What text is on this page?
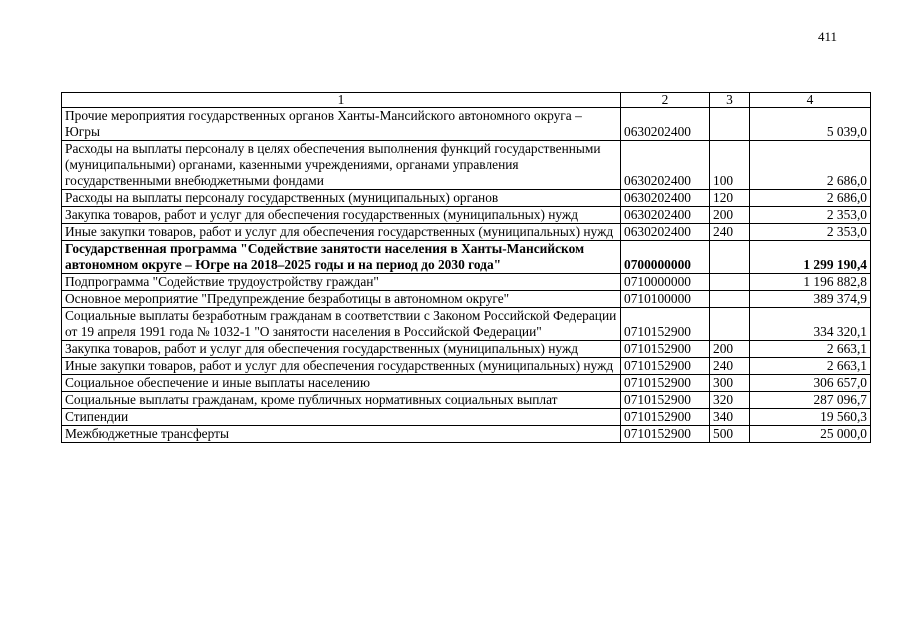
411
1	2	3	4
Прочие мероприятия государственных органов Ханты-Мансийского автономного округа – Югры	0630202400		5 039,0
Расходы на выплаты персоналу в целях обеспечения выполнения функций государственными (муниципальными) органами, казенными учреждениями, органами управления государственными внебюджетными фондами	0630202400	100	2 686,0
Расходы на выплаты персоналу государственных (муниципальных) органов	0630202400	120	2 686,0
Закупка товаров, работ и услуг для обеспечения государственных (муниципальных) нужд	0630202400	200	2 353,0
Иные закупки товаров, работ и услуг для обеспечения государственных (муниципальных) нужд	0630202400	240	2 353,0
Государственная программа "Содействие занятости населения в Ханты-Мансийском автономном округе – Югре на 2018–2025 годы и на период до 2030 года"	0700000000		1 299 190,4
Подпрограмма "Содействие трудоустройству граждан"	0710000000		1 196 882,8
Основное мероприятие "Предупреждение безработицы в автономном округе"	0710100000		389 374,9
Социальные выплаты безработным гражданам в соответствии с Законом Российской Федерации от 19 апреля 1991 года № 1032-1 "О занятости населения в Российской Федерации"	0710152900		334 320,1
Закупка товаров, работ и услуг для обеспечения государственных (муниципальных) нужд	0710152900	200	2 663,1
Иные закупки товаров, работ и услуг для обеспечения государственных (муниципальных) нужд	0710152900	240	2 663,1
Социальное обеспечение и иные выплаты населению	0710152900	300	306 657,0
Социальные выплаты гражданам, кроме публичных нормативных социальных выплат	0710152900	320	287 096,7
Стипендии	0710152900	340	19 560,3
Межбюджетные трансферты	0710152900	500	25 000,0
